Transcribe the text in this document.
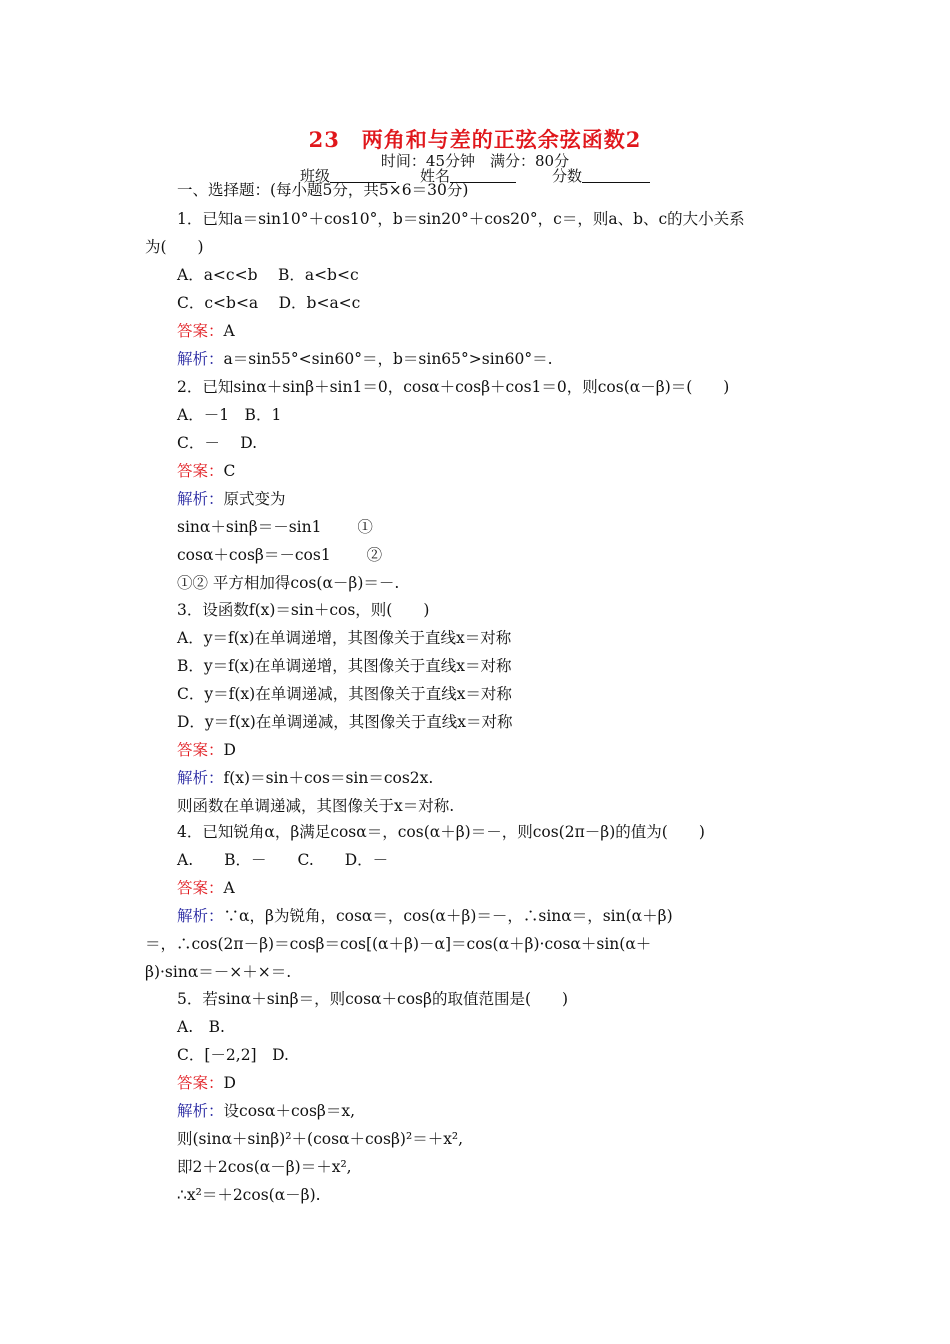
23　两角和与差的正弦余弦函数2
时间：45分钟　满分：80分
班级	姓名	分数
一、选择题：(每小题5分，共5×6＝30分)
1．已知a＝sin10°＋cos10°，b＝sin20°＋cos20°，c＝，则a、b、c的大小关系
为(　　)
A．a<c<b　 B．a<b<c
C．c<b<a　 D．b<a<c
答案：A
解析：a＝sin55°<sin60°＝，b＝sin65°>sin60°＝.
2．已知sinα＋sinβ＋sin1＝0，cosα＋cosβ＋cos1＝0，则cos(α－β)＝(　　)
A．－1　B．1
C．－　 D.
答案：C
解析：原式变为
sinα＋sinβ＝－sin1　　 ①
cosα＋cosβ＝－cos1　　 ②
①② 平方相加得cos(α－β)＝－.
3．设函数f(x)＝sin＋cos，则(　　)
A．y＝f(x)在单调递增，其图像关于直线x＝对称
B．y＝f(x)在单调递增，其图像关于直线x＝对称
C．y＝f(x)在单调递减，其图像关于直线x＝对称
D．y＝f(x)在单调递减，其图像关于直线x＝对称
答案：D
解析：f(x)＝sin＋cos＝sin＝cos2x.
则函数在单调递减，其图像关于x＝对称.
4．已知锐角α，β满足cosα＝，cos(α＋β)＝－，则cos(2π－β)的值为(　　)
A.　　B．－　　C.　　D．－
答案：A
解析：∵α，β为锐角，cosα＝，cos(α＋β)＝－，∴sinα＝，sin(α＋β)
＝，∴cos(2π－β)＝cosβ＝cos[(α＋β)－α]＝cos(α＋β)·cosα＋sin(α＋
β)·sinα＝－×＋×＝.
5．若sinα＋sinβ＝，则cosα＋cosβ的取值范围是(　　)
A.　B.
C．[－2,2]　D.
答案：D
解析：设cosα＋cosβ＝x,
则(sinα＋sinβ)²＋(cosα＋cosβ)²＝＋x²,
即2＋2cos(α－β)＝＋x²,
∴x²＝＋2cos(α－β).
